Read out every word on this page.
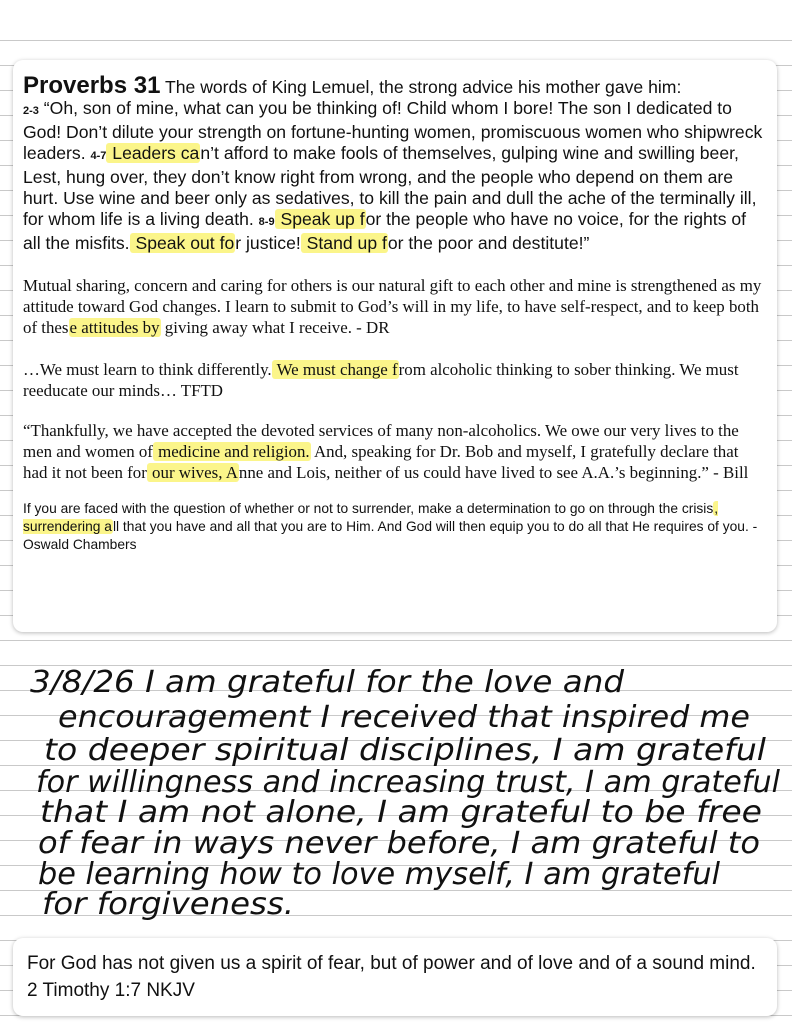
Proverbs 31 The words of King Lemuel, the strong advice his mother gave him:
2-3 “Oh, son of mine, what can you be thinking of! Child whom I bore! The son I dedicated to God! Don’t dilute your strength on fortune-hunting women, promiscuous women who shipwreck leaders. 4-7 Leaders can’t afford to make fools of themselves, gulping wine and swilling beer, Lest, hung over, they don’t know right from wrong, and the people who depend on them are hurt. Use wine and beer only as sedatives, to kill the pain and dull the ache of the terminally ill, for whom life is a living death. 8-9 Speak up for the people who have no voice, for the rights of all the misfits. Speak out for justice! Stand up for the poor and destitute!”

Mutual sharing, concern and caring for others is our natural gift to each other and mine is strengthened as my attitude toward God changes. I learn to submit to God’s will in my life, to have self-respect, and to keep both of these attitudes by giving away what I receive. - DR

…We must learn to think differently. We must change from alcoholic thinking to sober thinking. We must reeducate our minds… TFTD

“Thankfully, we have accepted the devoted services of many non-alcoholics. We owe our very lives to the men and women of medicine and religion. And, speaking for Dr. Bob and myself, I gratefully declare that had it not been for our wives, Anne and Lois, neither of us could have lived to see A.A.’s beginning.” - Bill

If you are faced with the question of whether or not to surrender, make a determination to go on through the crisis, surrendering all that you have and all that you are to Him. And God will then equip you to do all that He requires of you. - Oswald Chambers

3/8/26 I am grateful for the love and
encouragement I received that inspired me
to deeper spiritual disciplines, I am grateful
for willingness and increasing trust, I am grateful
that I am not alone, I am grateful to be free
of fear in ways never before, I am grateful to
be learning how to love myself, I am grateful
for forgiveness.

For God has not given us a spirit of fear, but of power and of love and of a sound mind. 2 Timothy 1:7 NKJV
